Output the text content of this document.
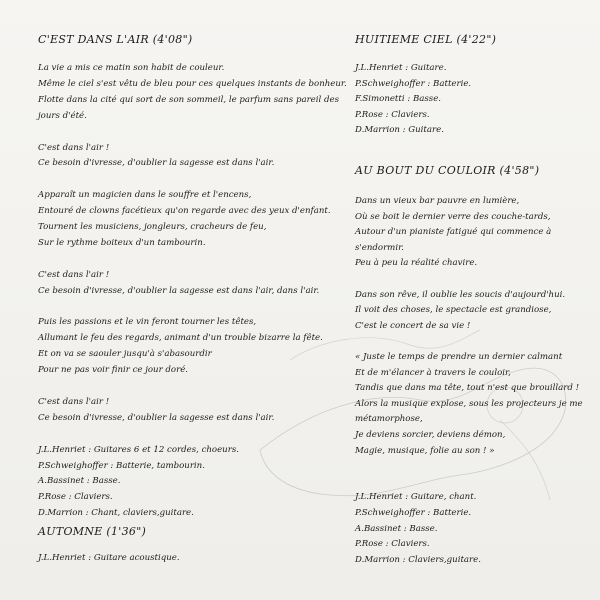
C'EST DANS L'AIR (4'08")
La vie a mis ce matin son habit de couleur.
Même le ciel s'est vêtu de bleu pour ces quelques instants de bonheur.
Flotte dans la cité qui sort de son sommeil, le parfum sans pareil des
jours d'été.
C'est dans l'air !
Ce besoin d'ivresse, d'oublier la sagesse est dans l'air.
Apparaît un magicien dans le souffre et l'encens,
Entouré de clowns facétieux qu'on regarde avec des yeux d'enfant.
Tournent les musiciens, jongleurs, cracheurs de feu,
Sur le rythme boiteux d'un tambourin.
C'est dans l'air !
Ce besoin d'ivresse, d'oublier la sagesse est dans l'air, dans l'air.
Puis les passions et le vin feront tourner les têtes,
Allumant le feu des regards, animant d'un trouble bizarre la fête.
Et on va se saouler jusqu'à s'abasourdir
Pour ne pas voir finir ce jour doré.
C'est dans l'air !
Ce besoin d'ivresse, d'oublier la sagesse est dans l'air.
J.L.Henriet : Guitares 6 et 12 cordes, choeurs.
P.Schweighoffer : Batterie, tambourin.
A.Bassinet : Basse.
P.Rose : Claviers.
D.Marrion : Chant, claviers,guitare.
AUTOMNE (1'36")
J.L.Henriet : Guitare acoustique.
HUITIEME CIEL (4'22")
J.L.Henriet : Guitare.
P.Schweighoffer : Batterie.
F.Simonetti : Basse.
P.Rose : Claviers.
D.Marrion : Guitare.
AU BOUT DU COULOIR (4'58")
Dans un vieux bar pauvre en lumière,
Où se boit le dernier verre des couche-tards,
Autour d'un pianiste fatigué qui commence à
s'endormir.
Peu à peu la réalité chavire.
Dans son rêve, il oublie les soucis d'aujourd'hui.
Il voit des choses, le spectacle est grandiose,
C'est le concert de sa vie !
« Juste le temps de prendre un dernier calmant
Et de m'élancer à travers le couloir,
Tandis que dans ma tête, tout n'est que brouillard !
Alors la musique explose, sous les projecteurs je me
métamorphose,
Je deviens sorcier, deviens démon,
Magie, musique, folie au son ! »
J.L.Henriet : Guitare, chant.
P.Schweighoffer : Batterie.
A.Bassinet : Basse.
P.Rose : Claviers.
D.Marrion : Claviers,guitare.
